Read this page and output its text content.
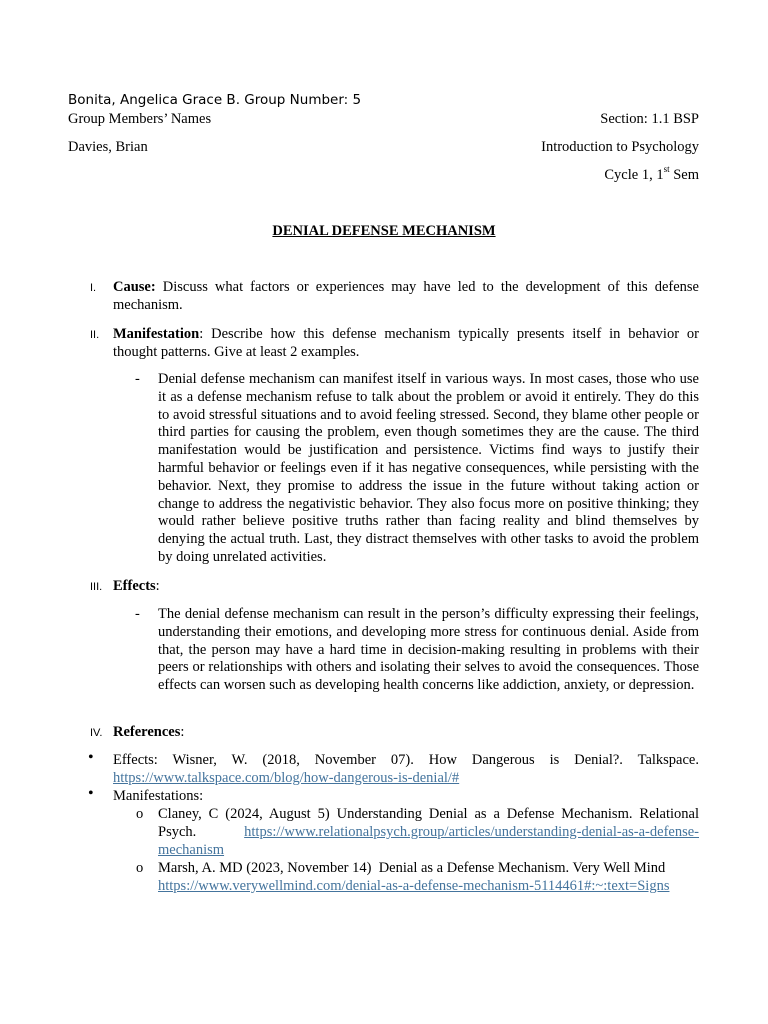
Bonita, Angelica Grace B. Group Number: 5
Group Members’ Names	Section: 1.1 BSP
Davies, Brian	Introduction to Psychology
Cycle 1, 1st Sem
DENIAL DEFENSE MECHANISM
I. Cause: Discuss what factors or experiences may have led to the development of this defense mechanism.
II. Manifestation: Describe how this defense mechanism typically presents itself in behavior or thought patterns. Give at least 2 examples.
- Denial defense mechanism can manifest itself in various ways. In most cases, those who use it as a defense mechanism refuse to talk about the problem or avoid it entirely. They do this to avoid stressful situations and to avoid feeling stressed. Second, they blame other people or third parties for causing the problem, even though sometimes they are the cause. The third manifestation would be justification and persistence. Victims find ways to justify their harmful behavior or feelings even if it has negative consequences, while persisting with the behavior. Next, they promise to address the issue in the future without taking action or change to address the negativistic behavior. They also focus more on positive thinking; they would rather believe positive truths rather than facing reality and blind themselves by denying the actual truth. Last, they distract themselves with other tasks to avoid the problem by doing unrelated activities.
III. Effects:
- The denial defense mechanism can result in the person’s difficulty expressing their feelings, understanding their emotions, and developing more stress for continuous denial. Aside from that, the person may have a hard time in decision-making resulting in problems with their peers or relationships with others and isolating their selves to avoid the consequences. Those effects can worsen such as developing health concerns like addiction, anxiety, or depression.
IV. References:
• Effects: Wisner, W. (2018, November 07). How Dangerous is Denial?. Talkspace.
https://www.talkspace.com/blog/how-dangerous-is-denial/#
• Manifestations:
o Claney, C (2024, August 5) Understanding Denial as a Defense Mechanism. Relational
Psych.	https://www.relationalpsych.group/articles/understanding-denial-as-a-defense-
mechanism
o Marsh, A. MD (2023, November 14)  Denial as a Defense Mechanism. Very Well Mind
https://www.verywellmind.com/denial-as-a-defense-mechanism-5114461#:~:text=Signs
